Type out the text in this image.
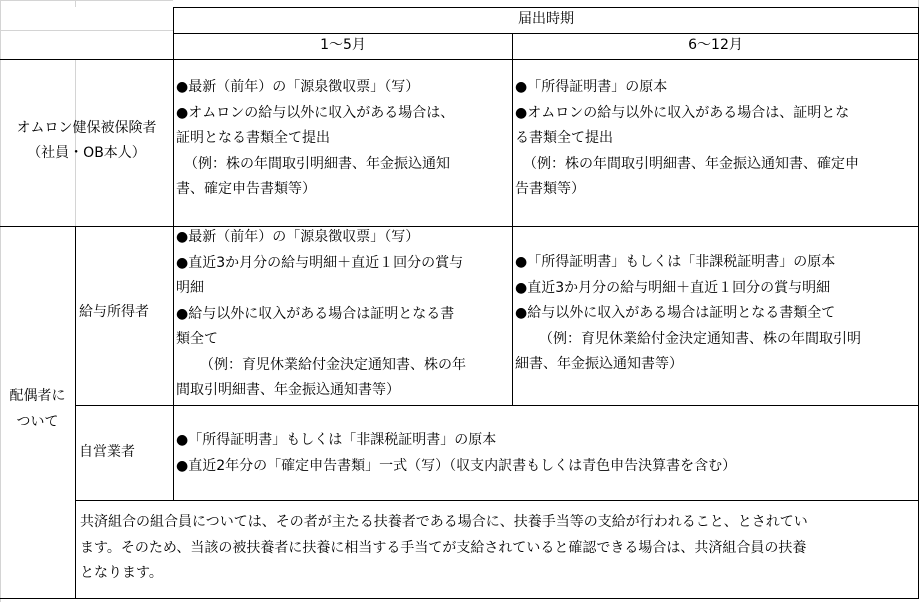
届出時期
1～5月	6～12月
オムロン健保被保険者
（社員・OB本人）
●最新（前年）の「源泉徴収票」（写）
●オムロンの給与以外に収入がある場合は、
証明となる書類全て提出
（例：株の年間取引明細書、年金振込通知
書、確定申告書類等）
●「所得証明書」の原本
●オムロンの給与以外に収入がある場合は、証明とな
る書類全て提出
（例：株の年間取引明細書、年金振込通知書、確定申
告書類等）
配偶者に
ついて
給与所得者
●最新（前年）の「源泉徴収票」（写）
●直近3か月分の給与明細＋直近１回分の賞与
明細
●給与以外に収入がある場合は証明となる書
類全て
（例：育児休業給付金決定通知書、株の年
間取引明細書、年金振込通知書等）
●「所得証明書」もしくは「非課税証明書」の原本
●直近3か月分の給与明細＋直近１回分の賞与明細
●給与以外に収入がある場合は証明となる書類全て
（例：育児休業給付金決定通知書、株の年間取引明
細書、年金振込通知書等）
自営業者
●「所得証明書」もしくは「非課税証明書」の原本
●直近2年分の「確定申告書類」一式（写）（収支内訳書もしくは青色申告決算書を含む）
共済組合の組合員については、その者が主たる扶養者である場合に、扶養手当等の支給が行われること、とされてい
ます。そのため、当該の被扶養者に扶養に相当する手当てが支給されていると確認できる場合は、共済組合員の扶養
となります。
